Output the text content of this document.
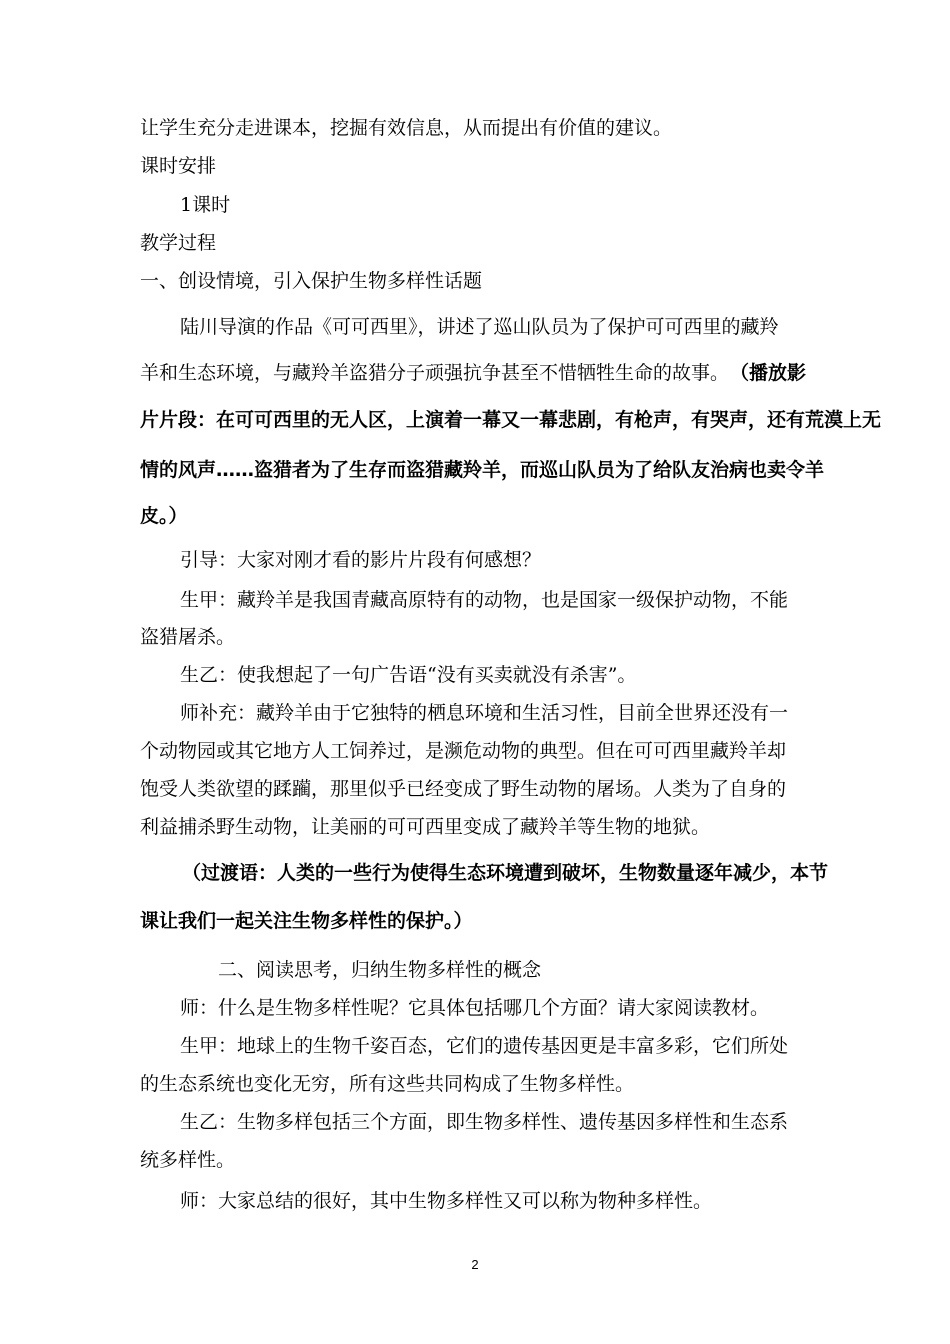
让学生充分走进课本，挖掘有效信息，从而提出有价值的建议。
课时安排
1课时
教学过程
一、创设情境，引入保护生物多样性话题
陆川导演的作品《可可西里》，讲述了巡山队员为了保护可可西里的藏羚
羊和生态环境，与藏羚羊盗猎分子顽强抗争甚至不惜牺牲生命的故事。 （播放影
片片段：在可可西里的无人区，上演着一幕又一幕悲剧，有枪声，有哭声，还有荒漠上无
情的风声……盗猎者为了生存而盗猎藏羚羊，而巡山队员为了给队友治病也卖令羊
皮。）
引导：大家对刚才看的影片片段有何感想？
生甲：藏羚羊是我国青藏高原特有的动物，也是国家一级保护动物，不能
盗猎屠杀。
生乙：使我想起了一句广告语“没有买卖就没有杀害”。
师补充：藏羚羊由于它独特的栖息环境和生活习性，目前全世界还没有一
个动物园或其它地方人工饲养过，是濒危动物的典型。但在可可西里藏羚羊却
饱受人类欲望的蹂躏，那里似乎已经变成了野生动物的屠场。人类为了自身的
利益捕杀野生动物，让美丽的可可西里变成了藏羚羊等生物的地狱。
（过渡语：人类的一些行为使得生态环境遭到破坏，生物数量逐年减少，本节
课让我们一起关注生物多样性的保护。）
二、阅读思考，归纳生物多样性的概念
师：什么是生物多样性呢？它具体包括哪几个方面？请大家阅读教材。
生甲：地球上的生物千姿百态，它们的遗传基因更是丰富多彩，它们所处
的生态系统也变化无穷，所有这些共同构成了生物多样性。
生乙：生物多样包括三个方面，即生物多样性、遗传基因多样性和生态系
统多样性。
师：大家总结的很好，其中生物多样性又可以称为物种多样性。
2
